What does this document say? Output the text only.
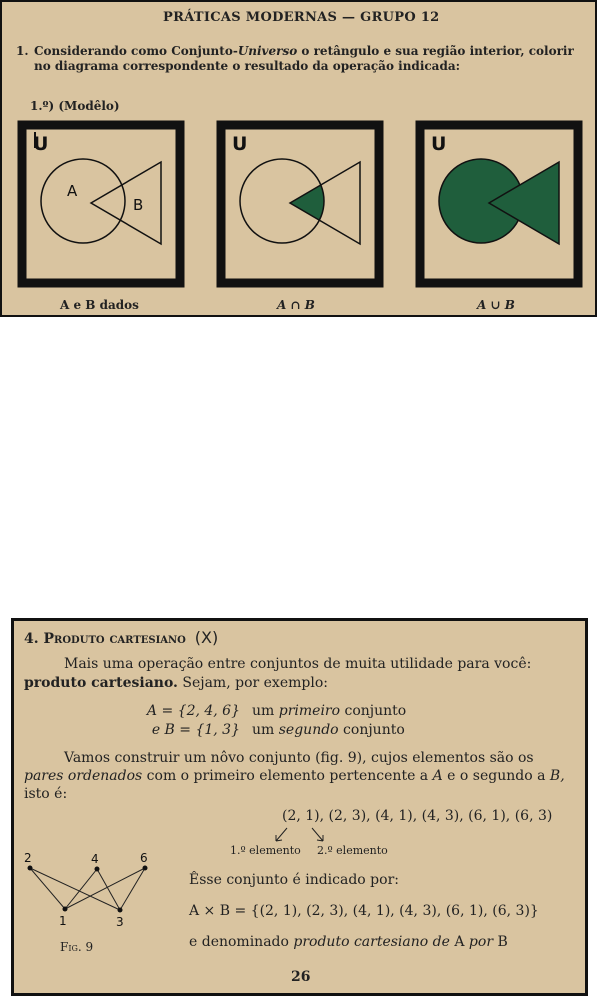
PRÁTICAS MODERNAS — GRUPO 12
1. Considerando como Conjunto-Universo o retângulo e sua região interior, colorir
no diagrama correspondente o resultado da operação indicada:
1.º) (Modêlo)
U
A
B
U	U
A e B dados	A ∩ B	A ∪ B
4. Produto cartesiano (X)
Mais uma operação entre conjuntos de muita utilidade para você:
produto cartesiano. Sejam, por exemplo:
A = {2, 4, 6} um primeiro conjunto
e B = {1, 3} um segundo conjunto
Vamos construir um nôvo conjunto (fig. 9), cujos elementos são os
pares ordenados com o primeiro elemento pertencente a A e o segundo a B,
isto é:
(2, 1), (2, 3), (4, 1), (4, 3), (6, 1), (6, 3)
1.º elemento 2.º elemento
2	4	6
1	3
Fig. 9
Êsse conjunto é indicado por:
A × B = {(2, 1), (2, 3), (4, 1), (4, 3), (6, 1), (6, 3)}
e denominado produto cartesiano de A por B
26
